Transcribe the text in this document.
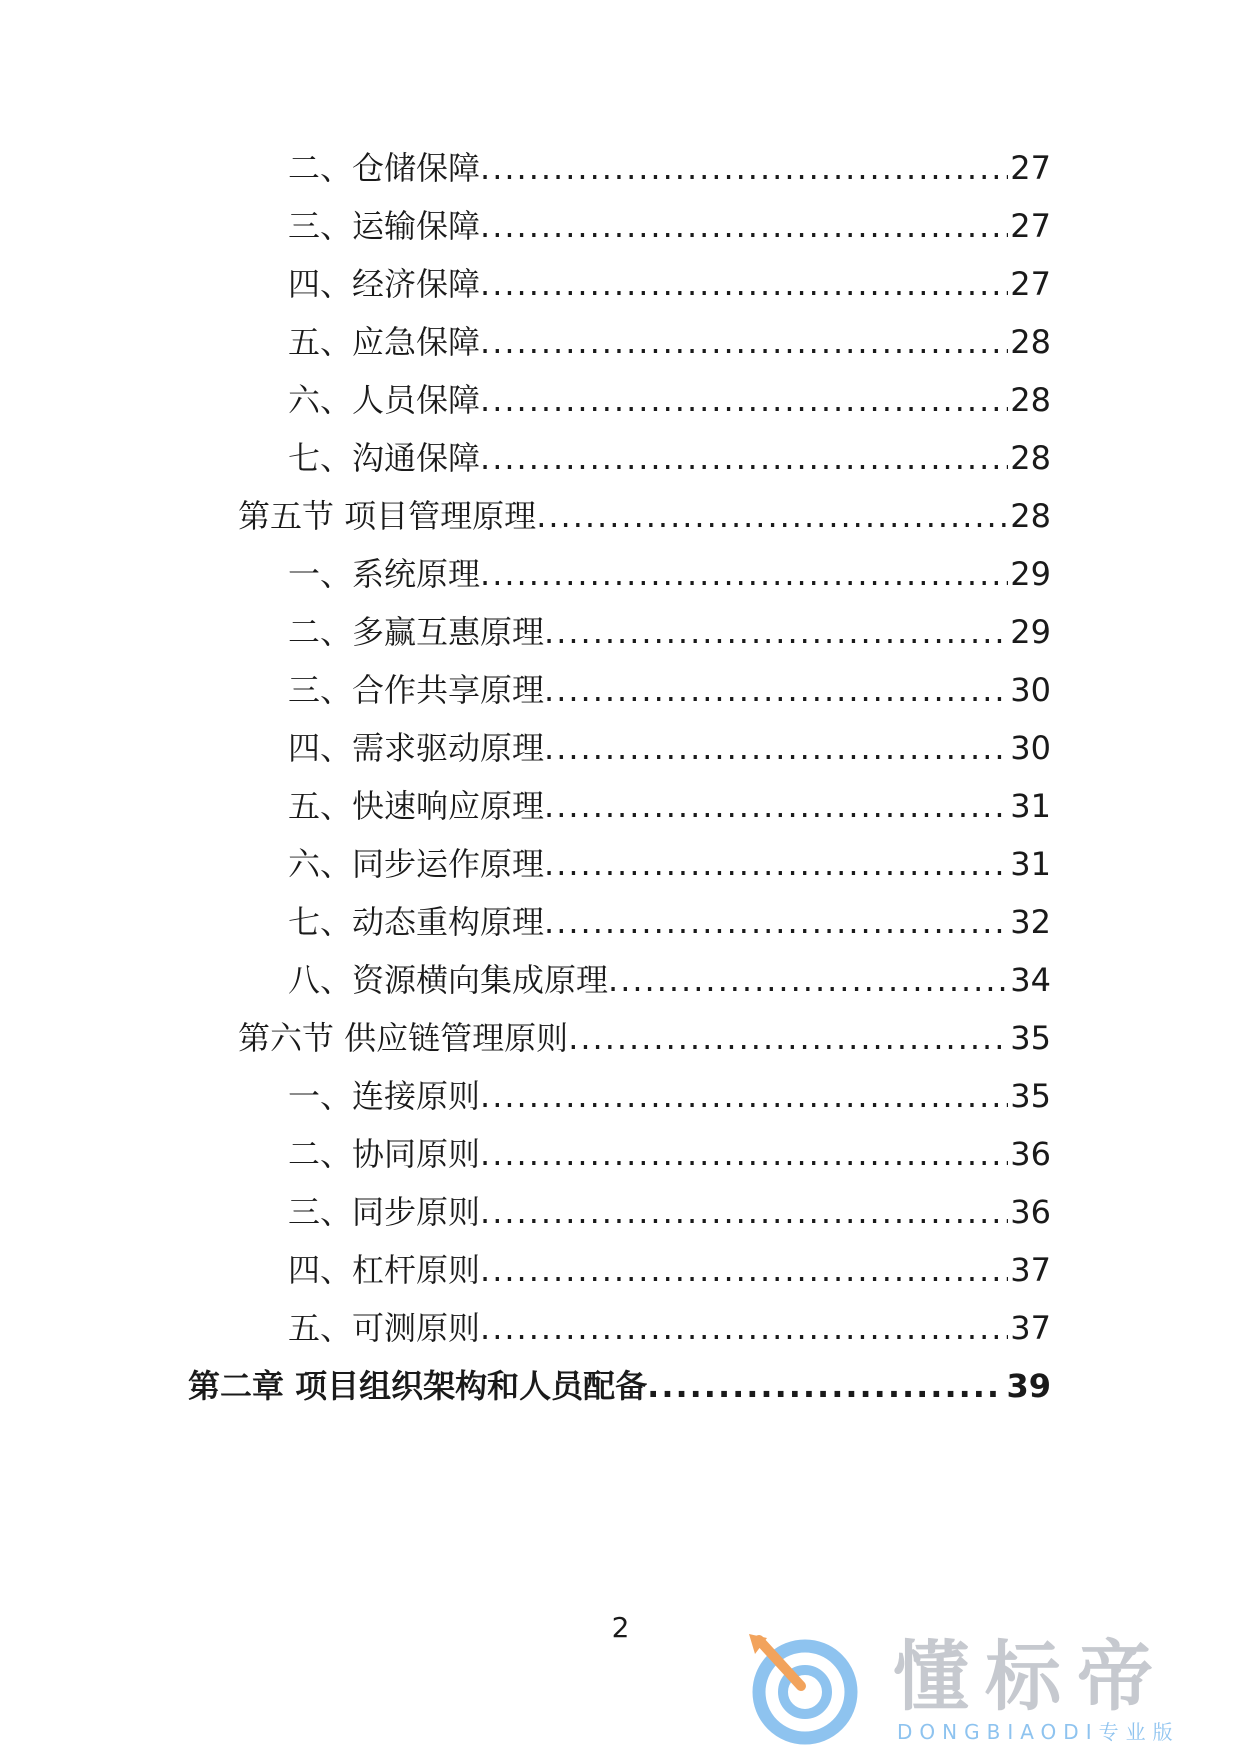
二、仓储保障 .....	27
三、运输保障 .....	27
四、经济保障 .....	27
五、应急保障 .....	28
六、人员保障 .....	28
七、沟通保障 .....	28
第五节 项目管理原理 .....	28
一、系统原理 .....	29
二、多赢互惠原理 .....	29
三、合作共享原理 .....	30
四、需求驱动原理 .....	30
五、快速响应原理 .....	31
六、同步运作原理 .....	31
七、动态重构原理 .....	32
八、资源横向集成原理 .....	34
第六节 供应链管理原则 .....	35
一、连接原则 .....	35
二、协同原则 .....	36
三、同步原则 .....	36
四、杠杆原则 .....	37
五、可测原则 .....	37
第二章 项目组织架构和人员配备 .....	39
2
懂标帝
DONGBIAODI专业版
